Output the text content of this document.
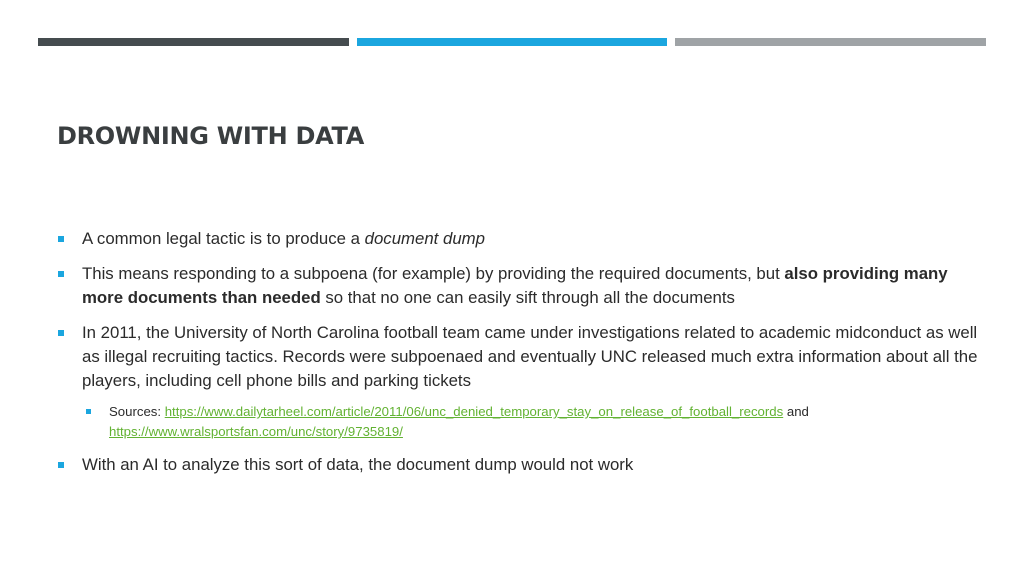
DROWNING WITH DATA
A common legal tactic is to produce a document dump
This means responding to a subpoena (for example) by providing the required documents, but also providing many more documents than needed so that no one can easily sift through all the documents
In 2011, the University of North Carolina football team came under investigations related to academic midconduct as well as illegal recruiting tactics. Records were subpoenaed and eventually UNC released much extra information about all the players, including cell phone bills and parking tickets
Sources: https://www.dailytarheel.com/article/2011/06/unc_denied_temporary_stay_on_release_of_football_records and https://www.wralsportsfan.com/unc/story/9735819/
With an AI to analyze this sort of data, the document dump would not work
